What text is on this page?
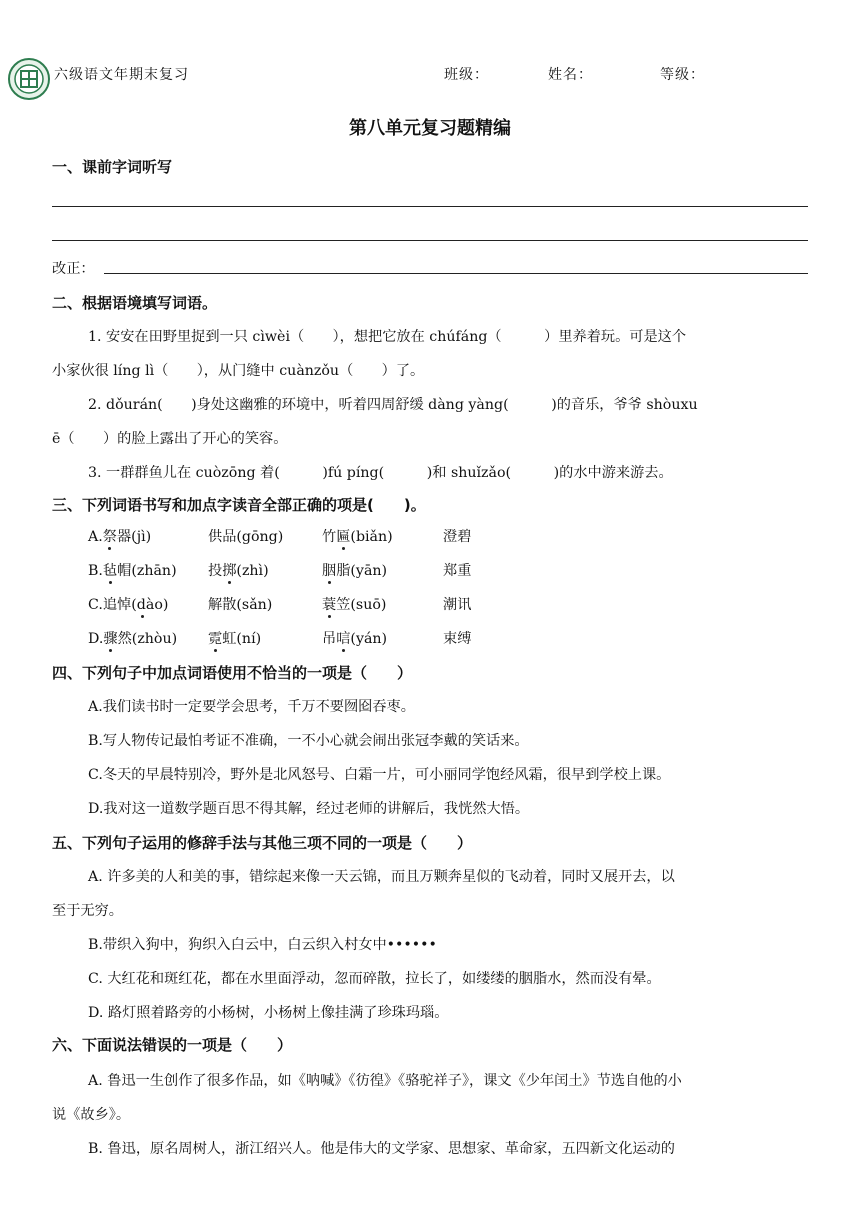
六级语文年期末复习	班级：	姓名：	等级：
第八单元复习题精编
一、课前字词听写
改正：
二、根据语境填写词语。
1. 安安在田野里捉到一只 cìwèi（　　），想把它放在 chúfáng（　　　）里养着玩。可是这个
小家伙很 líng lì（　　），从门缝中 cuànzǒu（　　）了。
2. dǒurán(　　)身处这幽雅的环境中，听着四周舒缓 dàng yàng(　　　)的音乐，爷爷 shòuxu
ē（　　）的脸上露出了开心的笑容。
3. 一群群鱼儿在 cuòzōng 着(　　　)fú píng(　　　)和 shuǐzǎo(　　　)的水中游来游去。
三、下列词语书写和加点字读音全部正确的项是(　　)。
A.祭器(jì)	供品(gōng)	竹匾(biǎn)	澄碧
B.毡帽(zhān) 投掷(zhì)	胭脂(yān)	郑重
C.追悼(dào)	解散(sǎn)	蓑笠(suō)	潮讯
D.骤然(zhòu) 霓虹(ní)	吊唁(yán)	束缚
四、下列句子中加点词语使用不恰当的一项是（　　）
A.我们读书时一定要学会思考，千万不要囫囵吞枣。
B.写人物传记最怕考证不准确，一不小心就会闹出张冠李戴的笑话来。
C.冬天的早晨特别冷，野外是北风怒号、白霜一片，可小丽同学饱经风霜，很早到学校上课。
D.我对这一道数学题百思不得其解，经过老师的讲解后，我恍然大悟。
五、下列句子运用的修辞手法与其他三项不同的一项是（　　）
A. 许多美的人和美的事，错综起来像一天云锦，而且万颗奔星似的飞动着，同时又展开去，以
至于无穷。
B.带织入狗中，狗织入白云中，白云织入村女中••••••
C. 大红花和斑红花，都在水里面浮动，忽而碎散，拉长了，如缕缕的胭脂水，然而没有晕。
D. 路灯照着路旁的小杨树，小杨树上像挂满了珍珠玛瑙。
六、下面说法错误的一项是（　　）
A. 鲁迅一生创作了很多作品，如《呐喊》《彷徨》《骆驼祥子》，课文《少年闰土》节选自他的小
说《故乡》。
B. 鲁迅，原名周树人，浙江绍兴人。他是伟大的文学家、思想家、革命家，五四新文化运动的
